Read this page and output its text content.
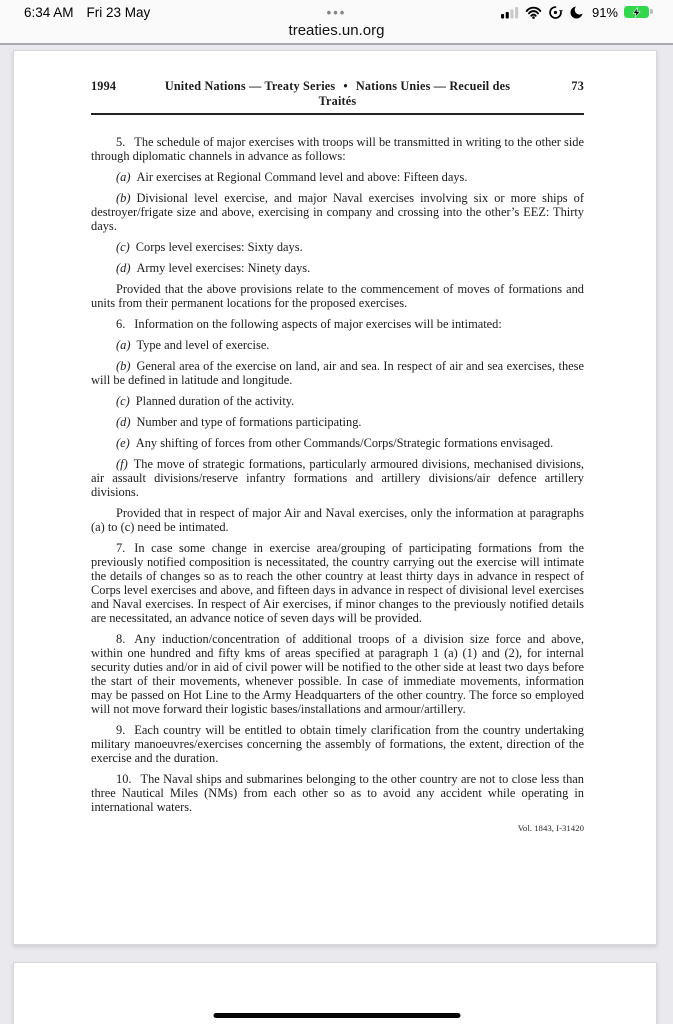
6:34 AM Fri 23 May	•••	91%
treaties.un.org
1994	United Nations — Treaty Series • Nations Unies — Recueil des Traités
73

5. The schedule of major exercises with troops will be transmitted in writing to the other side through diplomatic channels in advance as follows:

(a) Air exercises at Regional Command level and above: Fifteen days.

(b) Divisional level exercise, and major Naval exercises involving six or more ships of destroyer/frigate size and above, exercising in company and crossing into the other’s EEZ: Thirty days.

(c) Corps level exercises: Sixty days.

(d) Army level exercises: Ninety days.

Provided that the above provisions relate to the commencement of moves of formations and units from their permanent locations for the proposed exercises.

6. Information on the following aspects of major exercises will be intimated:

(a) Type and level of exercise.

(b) General area of the exercise on land, air and sea. In respect of air and sea exercises, these will be defined in latitude and longitude.

(c) Planned duration of the activity.

(d) Number and type of formations participating.

(e) Any shifting of forces from other Commands/Corps/Strategic formations envisaged.

(f) The move of strategic formations, particularly armoured divisions, mechanised divisions, air assault divisions/reserve infantry formations and artillery divisions/air defence artillery divisions.

Provided that in respect of major Air and Naval exercises, only the information at paragraphs (a) to (c) need be intimated.

7. In case some change in exercise area/grouping of participating formations from the previously notified composition is necessitated, the country carrying out the exercise will intimate the details of changes so as to reach the other country at least thirty days in advance in respect of Corps level exercises and above, and fifteen days in advance in respect of divisional level exercises and Naval exercises. In respect of Air exercises, if minor changes to the previously notified details are necessitated, an advance notice of seven days will be provided.

8. Any induction/concentration of additional troops of a division size force and above, within one hundred and fifty kms of areas specified at paragraph 1 (a) (1) and (2), for internal security duties and/or in aid of civil power will be notified to the other side at least two days before the start of their movements, whenever possible. In case of immediate movements, information may be passed on Hot Line to the Army Headquarters of the other country. The force so employed will not move forward their logistic bases/installations and armour/artillery.

9. Each country will be entitled to obtain timely clarification from the country undertaking military manoeuvres/exercises concerning the assembly of formations, the extent, direction of the exercise and the duration.

10. The Naval ships and submarines belonging to the other country are not to close less than three Nautical Miles (NMs) from each other so as to avoid any accident while operating in international waters.

Vol. 1843, I-31420
